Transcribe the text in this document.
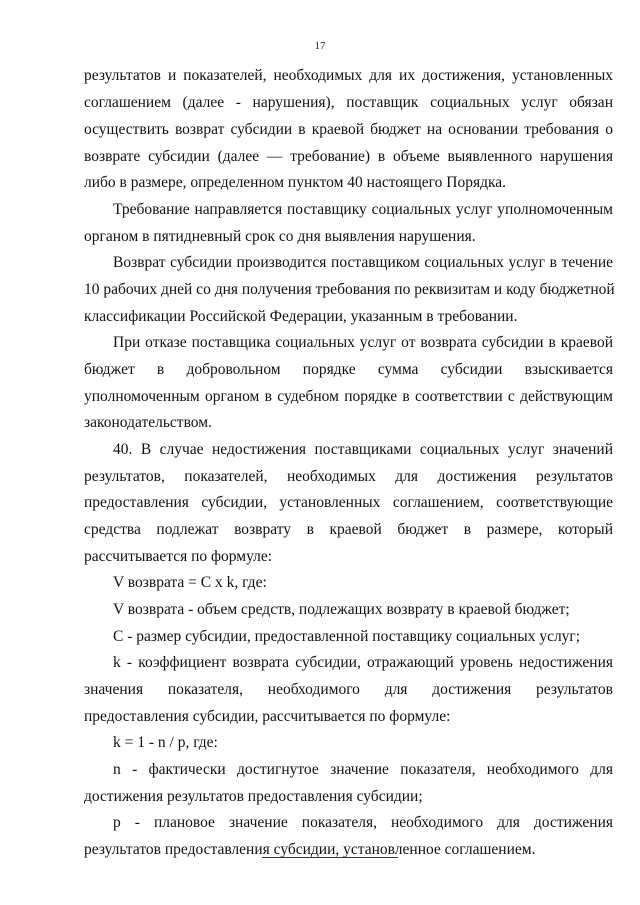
17
результатов и показателей, необходимых для их достижения, установленных
соглашением (далее - нарушения), поставщик социальных услуг обязан
осуществить возврат субсидии в краевой бюджет на основании требования о
возврате субсидии (далее — требование) в объеме выявленного нарушения
либо в размере, определенном пунктом 40 настоящего Порядка.
Требование направляется поставщику социальных услуг уполномоченным
органом в пятидневный срок со дня выявления нарушения.
Возврат субсидии производится поставщиком социальных услуг в течение
10 рабочих дней со дня получения требования по реквизитам и коду бюджетной
классификации Российской Федерации, указанным в требовании.
При отказе поставщика социальных услуг от возврата субсидии в краевой
бюджет в добровольном порядке сумма субсидии взыскивается
уполномоченным органом в судебном порядке в соответствии с действующим
законодательством.
40. В случае недостижения поставщиками социальных услуг значений
результатов, показателей, необходимых для достижения результатов
предоставления субсидии, установленных соглашением, соответствующие
средства подлежат возврату в краевой бюджет в размере, который
рассчитывается по формуле:
V возврата = C x k, где:
V возврата - объем средств, подлежащих возврату в краевой бюджет;
C - размер субсидии, предоставленной поставщику социальных услуг;
k - коэффициент возврата субсидии, отражающий уровень недостижения
значения показателя, необходимого для достижения результатов
предоставления субсидии, рассчитывается по формуле:
k = 1 - n / p, где:
n - фактически достигнутое значение показателя, необходимого для
достижения результатов предоставления субсидии;
p - плановое значение показателя, необходимого для достижения
результатов предоставления субсидии, установленное соглашением.
